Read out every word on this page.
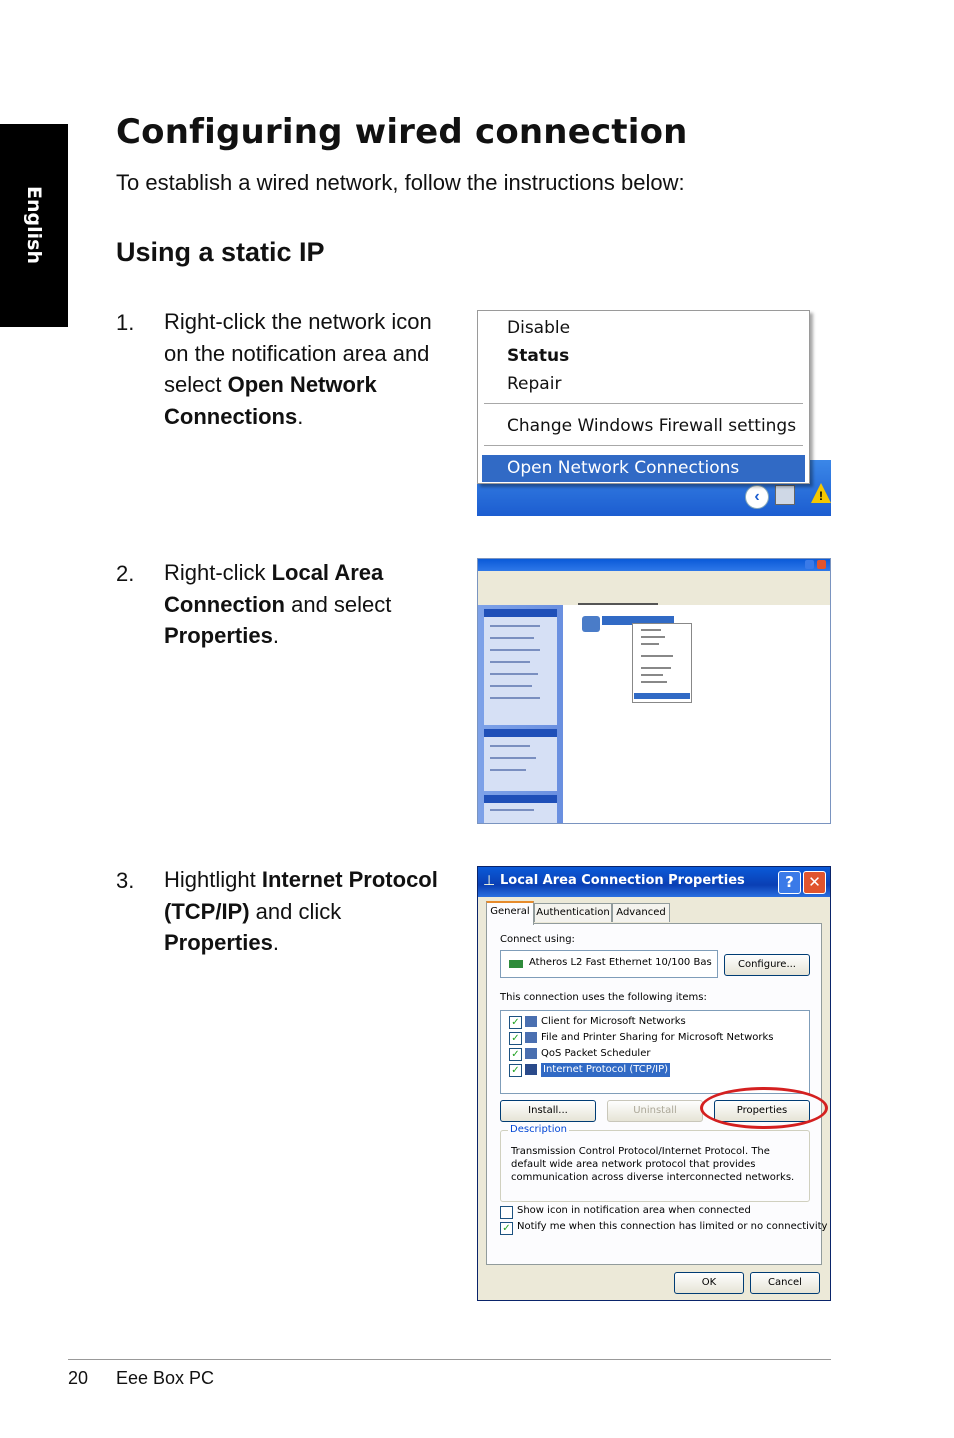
English
Configuring wired connection
To establish a wired network, follow the instructions below:
Using a static IP
1. Right-click the network icon
on the notification area and
select Open Network
Connections.
‹	!
Disable
Status
Repair
Change Windows Firewall settings
Open Network Connections
2. Right-click Local Area
Connection and select
Properties.
3. Hightlight Internet Protocol
(TCP/IP) and click
Properties.
⊥ Local Area Connection Properties	? ✕
General Authentication Advanced
Connect using:
Atheros L2 Fast Ethernet 10/100 Bas	Configure...
This connection uses the following items:
✓ Client for Microsoft Networks
✓ File and Printer Sharing for Microsoft Networks
✓ QoS Packet Scheduler
✓ Internet Protocol (TCP/IP)
Install...	Uninstall	Properties
Description
Transmission Control Protocol/Internet Protocol. The default wide area network protocol that provides communication across diverse interconnected networks.
Show icon in notification area when connected
✓ Notify me when this connection has limited or no connectivity
OK	Cancel
20 Eee Box PC
